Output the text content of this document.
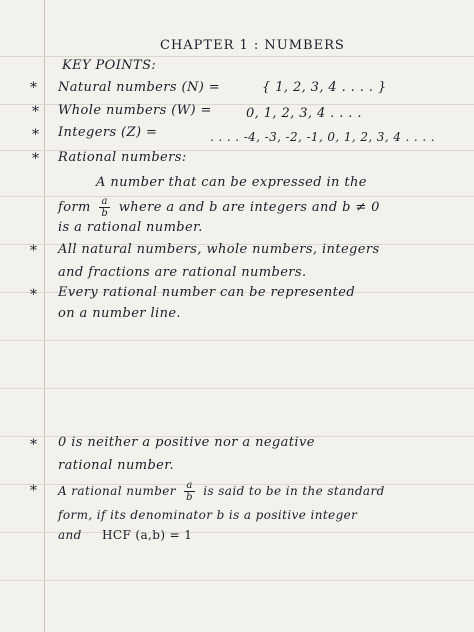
CHAPTER 1 : NUMBERS
KEY POINTS:
* Natural numbers (N) =	{ 1, 2, 3, 4 . . . . }
* Whole numbers (W) =	0, 1, 2, 3, 4 . . . .
* Integers (Z) =	. . . . -4, -3, -2, -1, 0, 1, 2, 3, 4 . . . .
* Rational numbers:
A number that can be expressed in the
form $\frac{a}{b}$ where a and b are integers and b ≠ 0
is a rational number.
* All natural numbers, whole numbers, integers
and fractions are rational numbers.
* Every rational number can be represented
on a number line.
* 0 is neither a positive nor a negative
rational number.
* A rational number $\frac{a}{b}$ is said to be in the standard
form, if its denominator b is a positive integer
and HCF (a,b) = 1
